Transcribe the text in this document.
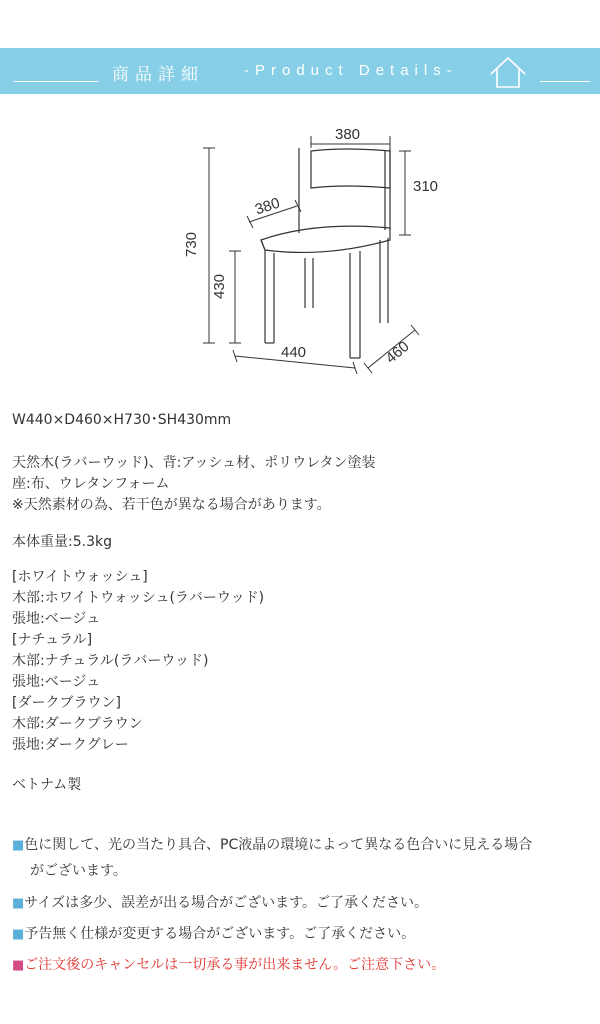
商品詳細	-Product Details-
380
310
380
730
430
440	460
W440×D460×H730･SH430mm
天然木(ラバーウッド)、背:アッシュ材、ポリウレタン塗装
座:布、ウレタンフォーム
※天然素材の為、若干色が異なる場合があります。
本体重量:5.3kg
[ホワイトウォッシュ]
木部:ホワイトウォッシュ(ラバーウッド)
張地:ベージュ
[ナチュラル]
木部:ナチュラル(ラバーウッド)
張地:ベージュ
[ダークブラウン]
木部:ダークブラウン
張地:ダークグレー
ベトナム製
■色に関して、光の当たり具合、PC液晶の環境によって異なる色合いに見える場合
がございます。
■サイズは多少、誤差が出る場合がございます。ご了承ください。
■予告無く仕様が変更する場合がございます。ご了承ください。
■ご注文後のキャンセルは一切承る事が出来ません。ご注意下さい。
